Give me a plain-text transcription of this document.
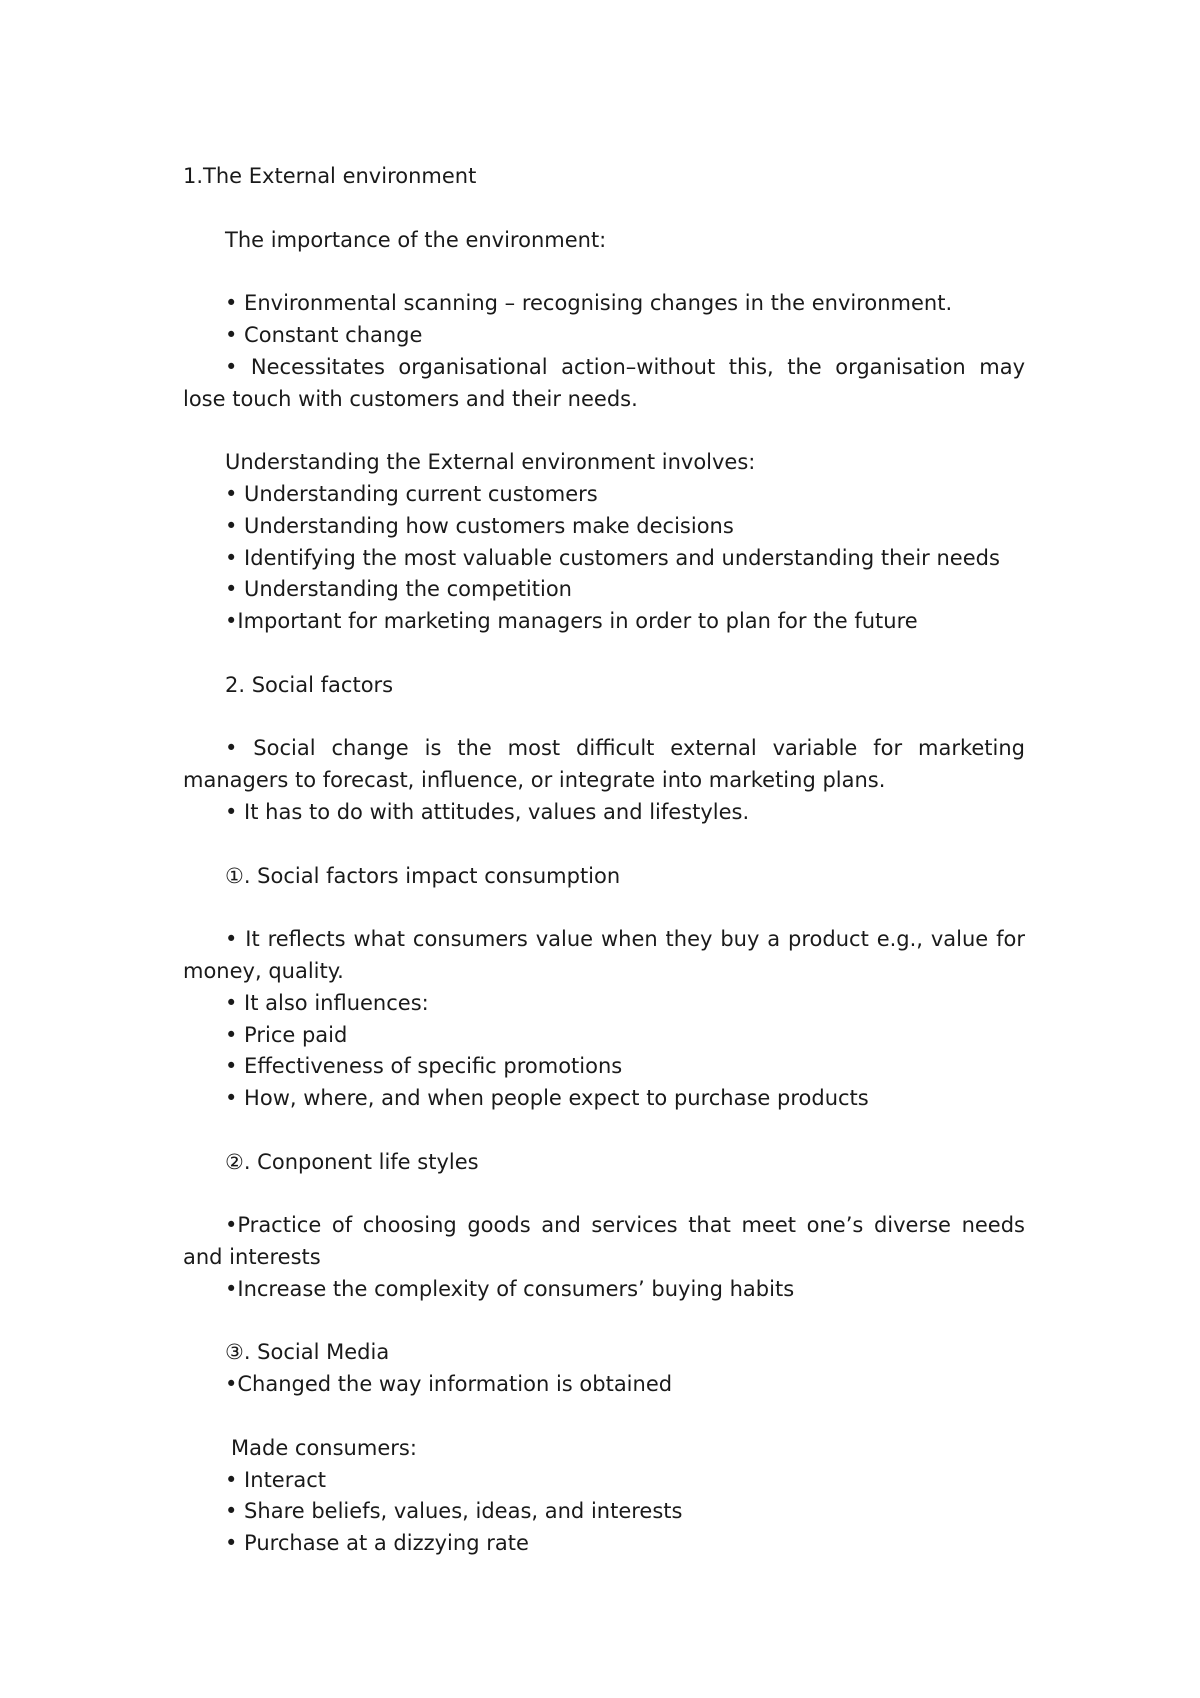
1.The External environment

The importance of the environment:

• Environmental scanning – recognising changes in the environment.

• Constant change

• Necessitates organisational action–without this, the organisation may lose touch with customers and their needs.

Understanding the External environment involves:

• Understanding current customers

• Understanding how customers make decisions

• Identifying the most valuable customers and understanding their needs

• Understanding the competition

•Important for marketing managers in order to plan for the future

2. Social factors

• Social change is the most difficult external variable for marketing managers to forecast, influence, or integrate into marketing plans.

• It has to do with attitudes, values and lifestyles.

①. Social factors impact consumption

• It reflects what consumers value when they buy a product e.g., value for money, quality.

• It also influences:

• Price paid

• Effectiveness of specific promotions

• How, where, and when people expect to purchase products

②. Conponent life styles

•Practice of choosing goods and services that meet one’s diverse needs and interests

•Increase the complexity of consumers’ buying habits

③. Social Media

•Changed the way information is obtained

Made consumers:

• Interact

• Share beliefs, values, ideas, and interests

• Purchase at a dizzying rate
